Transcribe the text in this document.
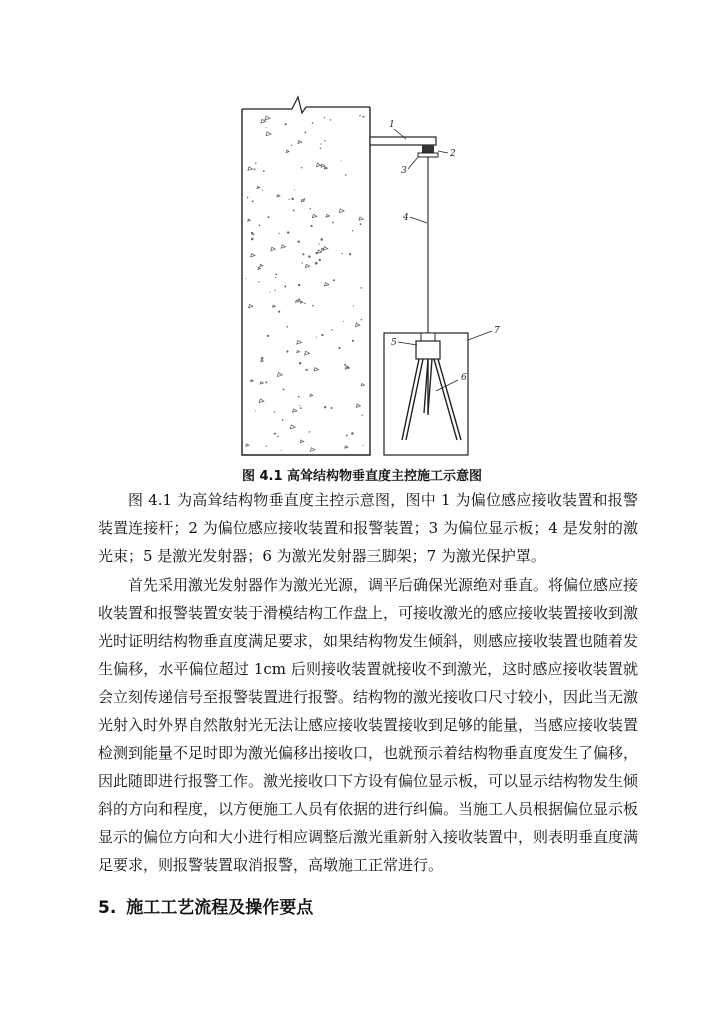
1
2
3
4
5
6
7
图 4.1 高耸结构物垂直度主控施工示意图

图 4.1 为高耸结构物垂直度主控示意图，图中 1 为偏位感应接收装置和报警装置连接杆；2 为偏位感应接收装置和报警装置；3 为偏位显示板；4 是发射的激光束；5 是激光发射器；6 为激光发射器三脚架；7 为激光保护罩。

首先采用激光发射器作为激光光源，调平后确保光源绝对垂直。将偏位感应接收装置和报警装置安装于滑模结构工作盘上，可接收激光的感应接收装置接收到激光时证明结构物垂直度满足要求，如果结构物发生倾斜，则感应接收装置也随着发生偏移，水平偏位超过 1cm 后则接收装置就接收不到激光，这时感应接收装置就会立刻传递信号至报警装置进行报警。结构物的激光接收口尺寸较小，因此当无激光射入时外界自然散射光无法让感应接收装置接收到足够的能量，当感应接收装置检测到能量不足时即为激光偏移出接收口，也就预示着结构物垂直度发生了偏移，因此随即进行报警工作。激光接收口下方设有偏位显示板，可以显示结构物发生倾斜的方向和程度，以方便施工人员有依据的进行纠偏。当施工人员根据偏位显示板显示的偏位方向和大小进行相应调整后激光重新射入接收装置中，则表明垂直度满足要求，则报警装置取消报警，高墩施工正常进行。

5. 施工工艺流程及操作要点
